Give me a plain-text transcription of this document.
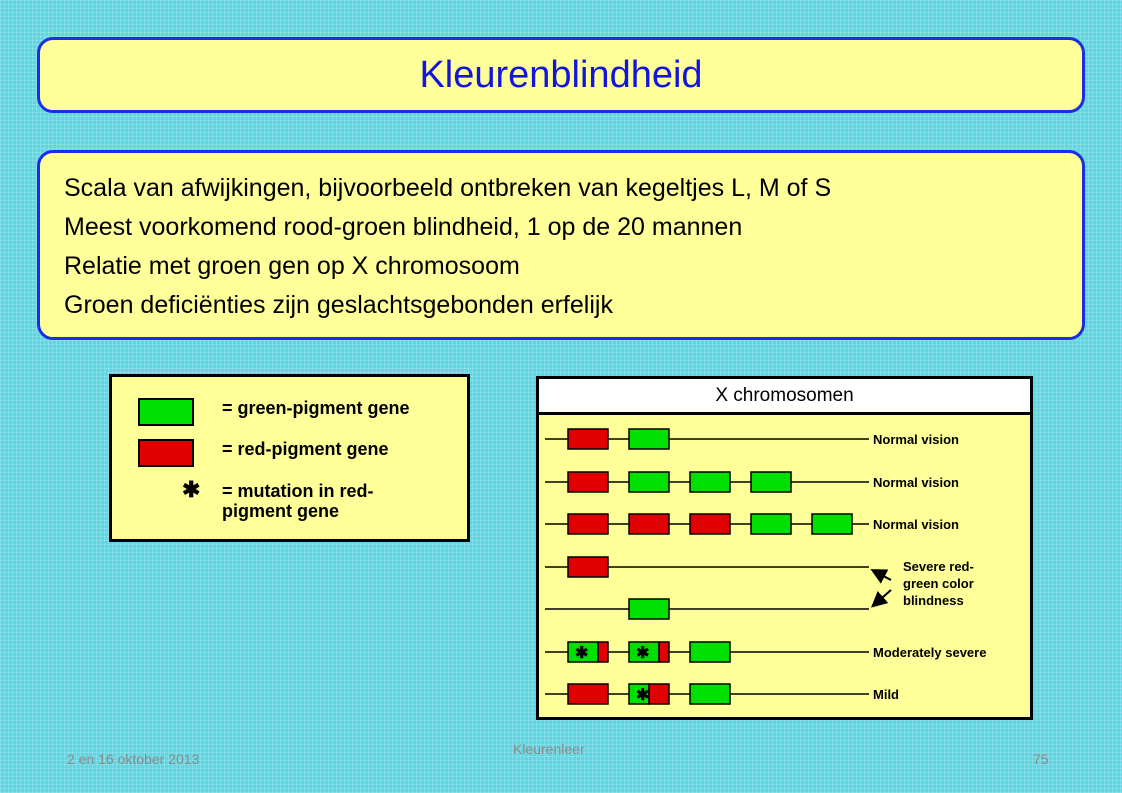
Kleurenblindheid
Scala van afwijkingen, bijvoorbeeld ontbreken van kegeltjes L, M of S
Meest voorkomend rood-groen blindheid, 1 op de 20 mannen
Relatie met groen gen op X chromosoom
Groen deficiënties zijn geslachtsgebonden erfelijk
= green-pigment gene
= red-pigment gene
✱ = mutation in red-
pigment gene
Normal vision
Normal vision
Normal vision
✱	✱	Moderately severe
✱	Mild
Severe red-
green color
blindness
X chromosomen
2 en 16 oktober 2013
Kleurenleer
75
